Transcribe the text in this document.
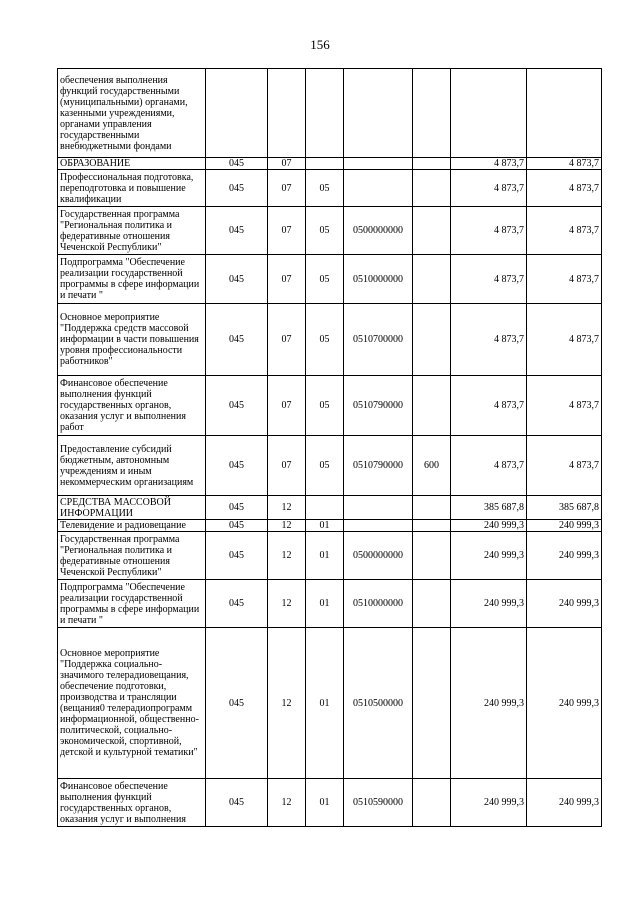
156
обеспечения выполнения функций государственными (муниципальными) органами, казенными учреждениями, органами управления государственными внебюджетными фондами							
ОБРАЗОВАНИЕ	045	07				4 873,7	4 873,7
Профессиональная подготовка, переподготовка и повышение квалификации	045	07	05			4 873,7	4 873,7
Государственная программа "Региональная политика и федеративные отношения Чеченской Республики"	045	07	05	0500000000		4 873,7	4 873,7
Подпрограмма "Обеспечение реализации государственной программы в сфере информации и печати "	045	07	05	0510000000		4 873,7	4 873,7
Основное мероприятие "Поддержка средств массовой информации в части повышения уровня профессиональности работников"	045	07	05	0510700000		4 873,7	4 873,7
Финансовое обеспечение выполнения функций государственных органов, оказания услуг и выполнения работ	045	07	05	0510790000		4 873,7	4 873,7
Предоставление субсидий бюджетным, автономным учреждениям и иным некоммерческим организациям	045	07	05	0510790000	600	4 873,7	4 873,7
СРЕДСТВА МАССОВОЙ ИНФОРМАЦИИ	045	12				385 687,8	385 687,8
Телевидение и радиовещание	045	12	01			240 999,3	240 999,3
Государственная программа "Региональная политика и федеративные отношения Чеченской Республики"	045	12	01	0500000000		240 999,3	240 999,3
Подпрограмма "Обеспечение реализации государственной программы в сфере информации и печати "	045	12	01	0510000000		240 999,3	240 999,3
Основное мероприятие "Поддержка социально-значимого телерадиовещания, обеспечение подготовки, производства и трансляции (вещания0 телерадиопрограмм информационной, общественно-политической, социально-экономической, спортивной, детской и культурной тематики"	045	12	01	0510500000		240 999,3	240 999,3
Финансовое обеспечение выполнения функций государственных органов, оказания услуг и выполнения	045	12	01	0510590000		240 999,3	240 999,3
